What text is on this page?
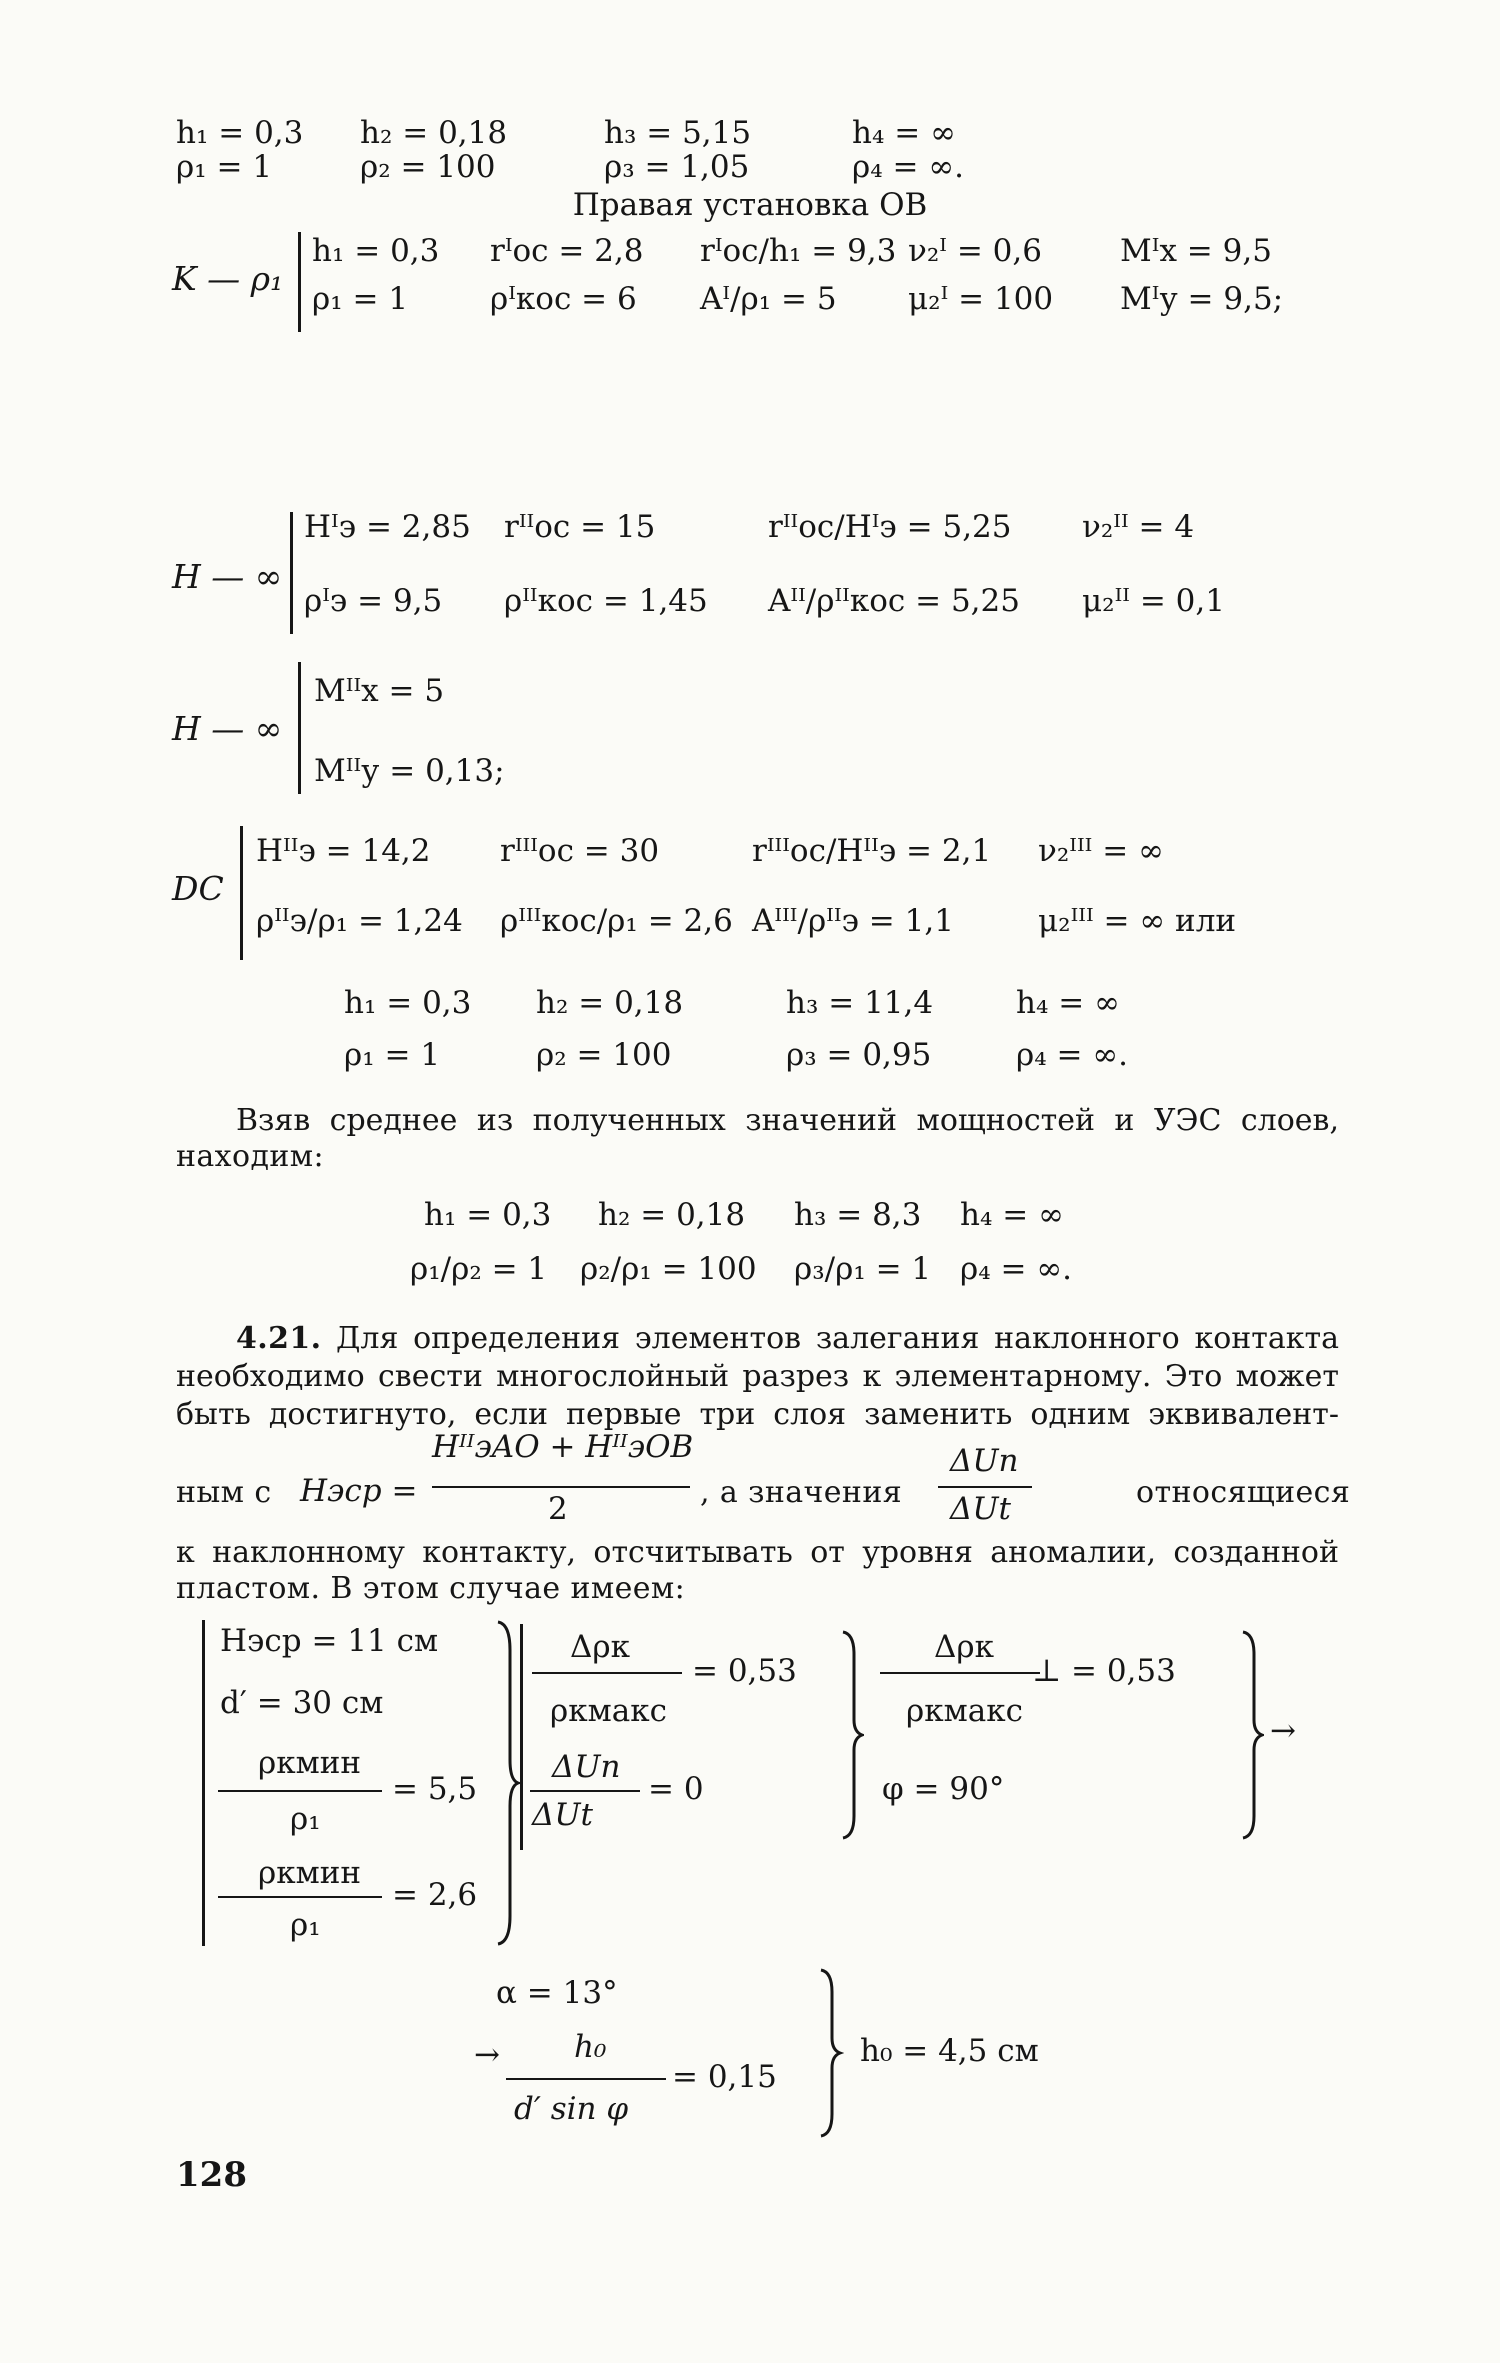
h₁ = 0,3 h₂ = 0,18	h₃ = 5,15	h₄ = ∞
ρ₁ = 1	ρ₂ = 100	ρ₃ = 1,05	ρ₄ = ∞.
Правая установка OB
K — ρ₁
h₁ = 0,3 rᴵос = 2,8 rᴵос/h₁ = 9,3 ν₂ᴵ = 0,6	Mᴵх = 9,5
ρ₁ = 1	ρᴵкос = 6 Aᴵ/ρ₁ = 5 μ₂ᴵ = 100 Mᴵу = 9,5;
H — ∞
Hᴵэ = 2,85 rᴵᴵос = 15	rᴵᴵос/Hᴵэ = 5,25 ν₂ᴵᴵ = 4
ρᴵэ = 9,5 ρᴵᴵкос = 1,45 Aᴵᴵ/ρᴵᴵкос = 5,25 μ₂ᴵᴵ = 0,1
H — ∞
Mᴵᴵх = 5
Mᴵᴵу = 0,13;
DC
Hᴵᴵэ = 14,2 rᴵᴵᴵос = 30	rᴵᴵᴵос/Hᴵᴵэ = 2,1 ν₂ᴵᴵᴵ = ∞
ρᴵᴵэ/ρ₁ = 1,24 ρᴵᴵᴵкос/ρ₁ = 2,6 Aᴵᴵᴵ/ρᴵᴵэ = 1,1	μ₂ᴵᴵᴵ = ∞ или
h₁ = 0,3 h₂ = 0,18	h₃ = 11,4	h₄ = ∞
ρ₁ = 1	ρ₂ = 100	ρ₃ = 0,95	ρ₄ = ∞.
Взяв среднее из полученных значений мощностей и УЭС слоев,
находим:
h₁ = 0,3 h₂ = 0,18 h₃ = 8,3 h₄ = ∞
ρ₁/ρ₂ = 1 ρ₂/ρ₁ = 100 ρ₃/ρ₁ = 1 ρ₄ = ∞.
4.21. Для определения элементов залегания наклонного контакта
необходимо свести многослойный разрез к элементарному. Это может
быть достигнуто, если первые три слоя заменить одним эквивалент-
ным с Hэср =
HᴵᴵэAO + HᴵᴵэOB
2	, а значения
ΔUn
ΔUt	относящиеся
к наклонному контакту, отсчитывать от уровня аномалии, созданной
пластом. В этом случае имеем:
Hэср = 11 см
d′ = 30 см
ρкмин
ρ₁
= 5,5
ρкмин
ρ₁
= 2,6
Δρк
ρкмакс
= 0,53
ΔUn
ΔUt
= 0
Δρк
ρкмакс
⊥ = 0,53
φ = 90°
→
α = 13°
→ h₀
d′ sin φ
= 0,15
h₀ = 4,5 см
128
